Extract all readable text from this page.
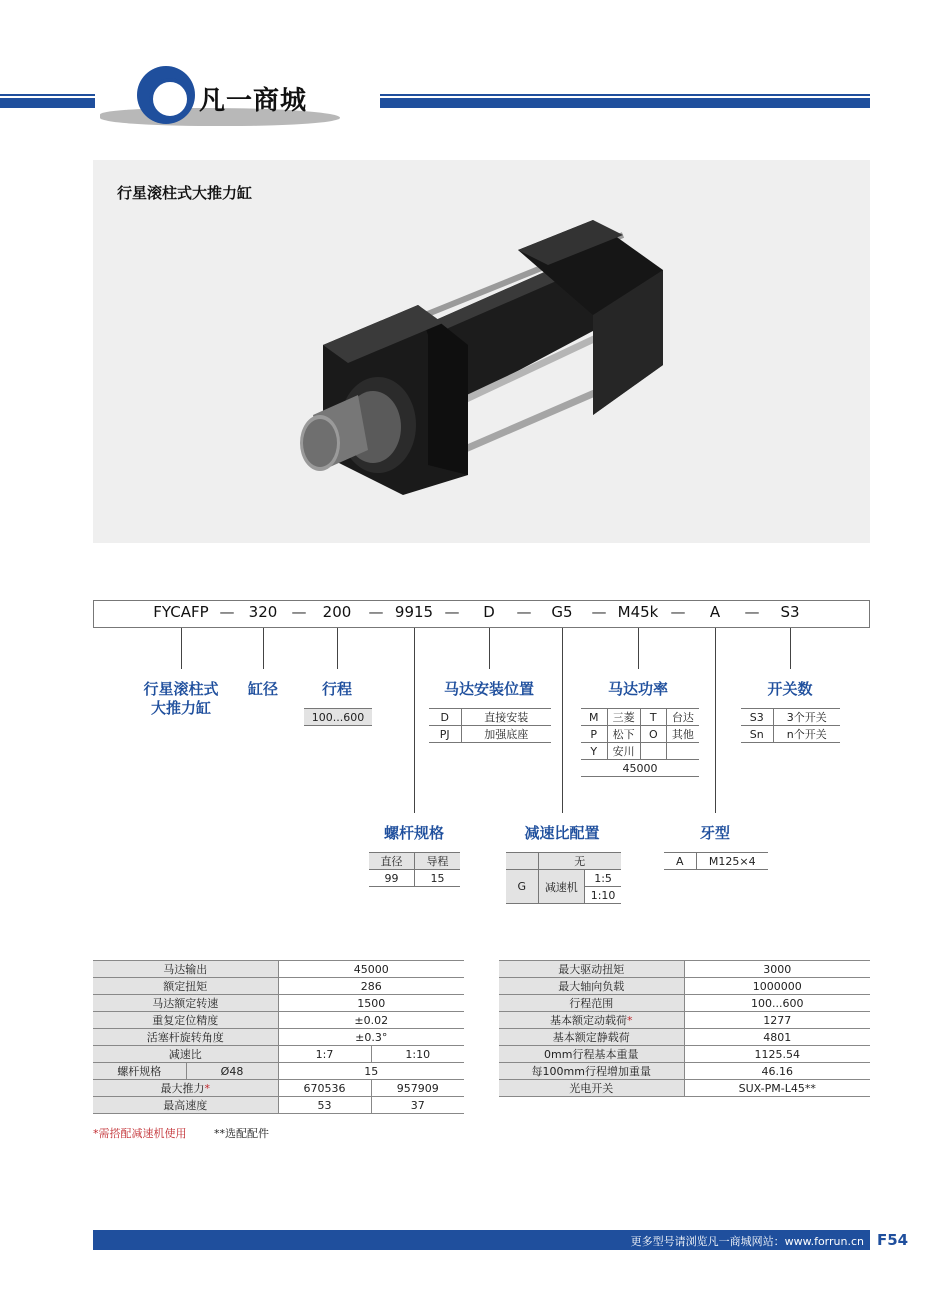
凡一商城
行星滚柱式大推力缸
FYCAFP — 320 — 200 — 9915 — D — G5 — M45k — A — S3
行星滚柱式
大推力缸
缸径	行程	马达安装位置	马达功率	开关数
螺杆规格	减速比配置	牙型
100...600	D	直接安装
PJ	加强底座
M	三菱	T	台达
P	松下	O	其他
Y	安川		
45000			
S3	3个开关
Sn	n个开关
直径	导程
99	15
	无	
G	减速机	1:5
		1:10
A	M125×4
马达输出		45000	
额定扭矩		286	
马达额定转速		1500	
重复定位精度		±0.02	
活塞杆旋转角度		±0.3°	
减速比		1:7	1:10
螺杆规格	Ø48	15	
最大推力*		670536	957909
最高速度		53	37
最大驱动扭矩	3000
最大轴向负载	1000000
行程范围	100...600
基本额定动载荷*	1277
基本额定静载荷	4801
0mm行程基本重量	1125.54
每100mm行程增加重量	46.16
光电开关	SUX-PM-L45**
*需搭配减速机使用	**选配配件
更多型号请浏览凡一商城网站：www.forrun.cn F54
